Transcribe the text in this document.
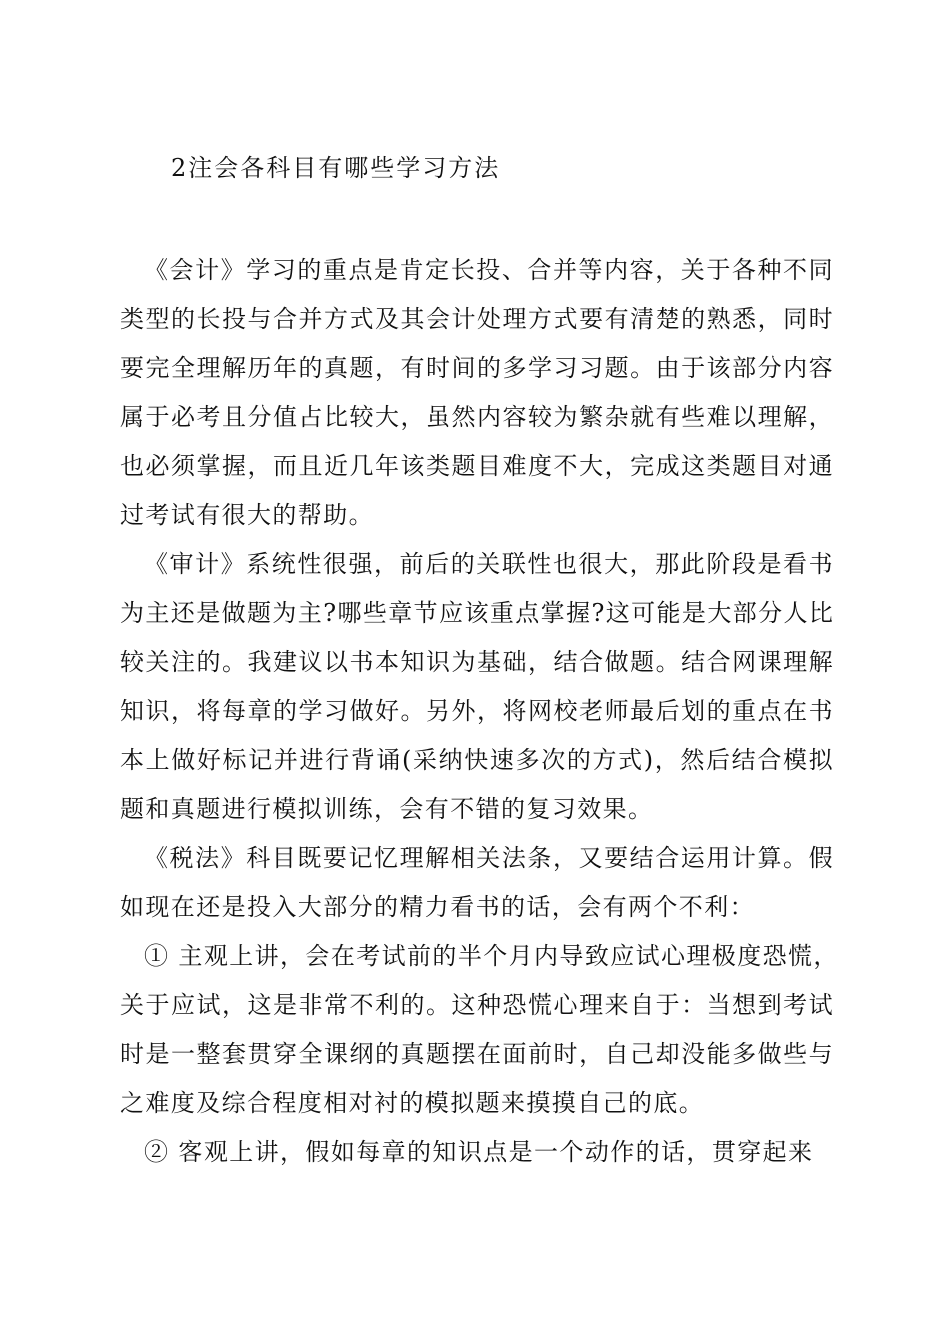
2注会各科目有哪些学习方法
《会计》学习的重点是肯定长投、合并等内容，关于各种不同
类型的长投与合并方式及其会计处理方式要有清楚的熟悉，同时
要完全理解历年的真题，有时间的多学习习题。由于该部分内容
属于必考且分值占比较大，虽然内容较为繁杂就有些难以理解，
也必须掌握，而且近几年该类题目难度不大，完成这类题目对通
过考试有很大的帮助。
《审计》系统性很强，前后的关联性也很大，那此阶段是看书
为主还是做题为主?哪些章节应该重点掌握?这可能是大部分人比
较关注的。我建议以书本知识为基础，结合做题。结合网课理解
知识，将每章的学习做好。另外，将网校老师最后划的重点在书
本上做好标记并进行背诵(采纳快速多次的方式)，然后结合模拟
题和真题进行模拟训练，会有不错的复习效果。
《税法》科目既要记忆理解相关法条，又要结合运用计算。假
如现在还是投入大部分的精力看书的话，会有两个不利：
① 主观上讲，会在考试前的半个月内导致应试心理极度恐慌，
关于应试，这是非常不利的。这种恐慌心理来自于：当想到考试
时是一整套贯穿全课纲的真题摆在面前时，自己却没能多做些与
之难度及综合程度相对衬的模拟题来摸摸自己的底。
② 客观上讲，假如每章的知识点是一个动作的话，贯穿起来
